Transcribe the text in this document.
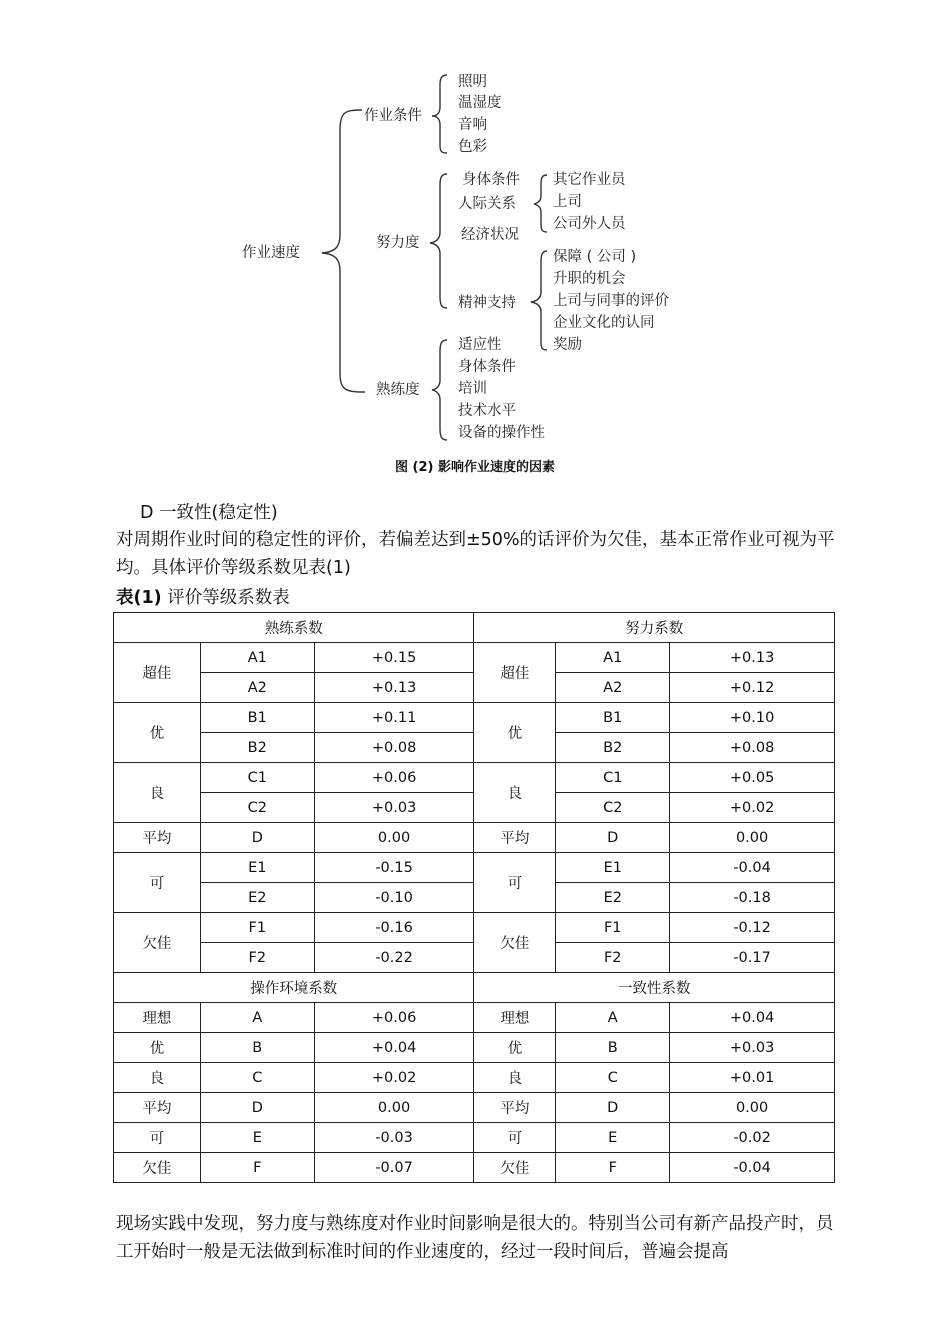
作业速度
作业条件
照明
温湿度
音响
色彩
努力度
身体条件
人际关系
经济状况
精神支持
其它作业员
上司
公司外人员
保障 ( 公司 )
升职的机会
上司与同事的评价
企业文化的认同
奖励
熟练度
适应性
身体条件
培训
技术水平
设备的操作性
图 (2) 影响作业速度的因素
D 一致性(稳定性)
对周期作业时间的稳定性的评价，若偏差达到±50%的话评价为欠佳，基本正常作业可视为平均。具体评价等级系数见表(1)
表(1) 评价等级系数表
熟练系数			努力系数		
超佳	A1	+0.15	超佳	A1	+0.13
	A2	+0.13		A2	+0.12
优	B1	+0.11	优	B1	+0.10
	B2	+0.08		B2	+0.08
良	C1	+0.06	良	C1	+0.05
	C2	+0.03		C2	+0.02
平均	D	0.00	平均	D	0.00
可	E1	-0.15	可	E1	-0.04
	E2	-0.10		E2	-0.18
欠佳	F1	-0.16	欠佳	F1	-0.12
	F2	-0.22		F2	-0.17
操作环境系数			一致性系数		
理想	A	+0.06	理想	A	+0.04
优	B	+0.04	优	B	+0.03
良	C	+0.02	良	C	+0.01
平均	D	0.00	平均	D	0.00
可	E	-0.03	可	E	-0.02
欠佳	F	-0.07	欠佳	F	-0.04
现场实践中发现，努力度与熟练度对作业时间影响是很大的。特别当公司有新产品投产时，员工开始时一般是无法做到标准时间的作业速度的，经过一段时间后，普遍会提高
